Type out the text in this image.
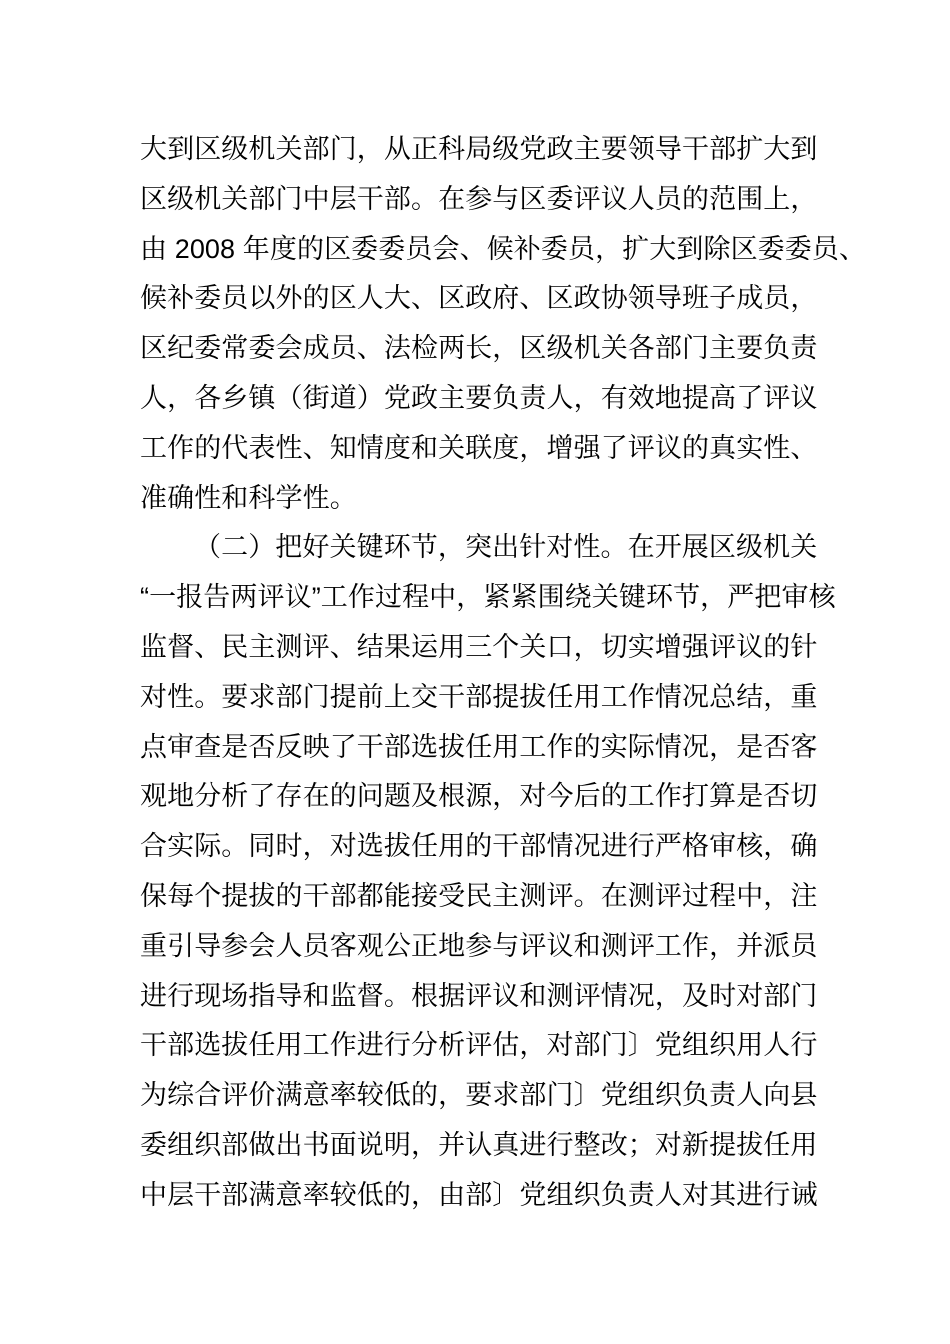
大到区级机关部门，从正科局级党政主要领导干部扩大到
区级机关部门中层干部。在参与区委评议人员的范围上，
由 2008 年度的区委委员会、候补委员，扩大到除区委委员、
候补委员以外的区人大、区政府、区政协领导班子成员，
区纪委常委会成员、法检两长，区级机关各部门主要负责
人，各乡镇（街道）党政主要负责人，有效地提高了评议
工作的代表性、知情度和关联度，增强了评议的真实性、
准确性和科学性。
（二）把好关键环节，突出针对性。在开展区级机关
“一报告两评议”工作过程中，紧紧围绕关键环节，严把审核
监督、民主测评、结果运用三个关口，切实增强评议的针
对性。要求部门提前上交干部提拔任用工作情况总结，重
点审查是否反映了干部选拔任用工作的实际情况，是否客
观地分析了存在的问题及根源，对今后的工作打算是否切
合实际。同时，对选拔任用的干部情况进行严格审核，确
保每个提拔的干部都能接受民主测评。在测评过程中，注
重引导参会人员客观公正地参与评议和测评工作，并派员
进行现场指导和监督。根据评议和测评情况，及时对部门
干部选拔任用工作进行分析评估，对部门〕党组织用人行
为综合评价满意率较低的，要求部门〕党组织负责人向县
委组织部做出书面说明，并认真进行整改；对新提拔任用
中层干部满意率较低的，由部〕党组织负责人对其进行诫
